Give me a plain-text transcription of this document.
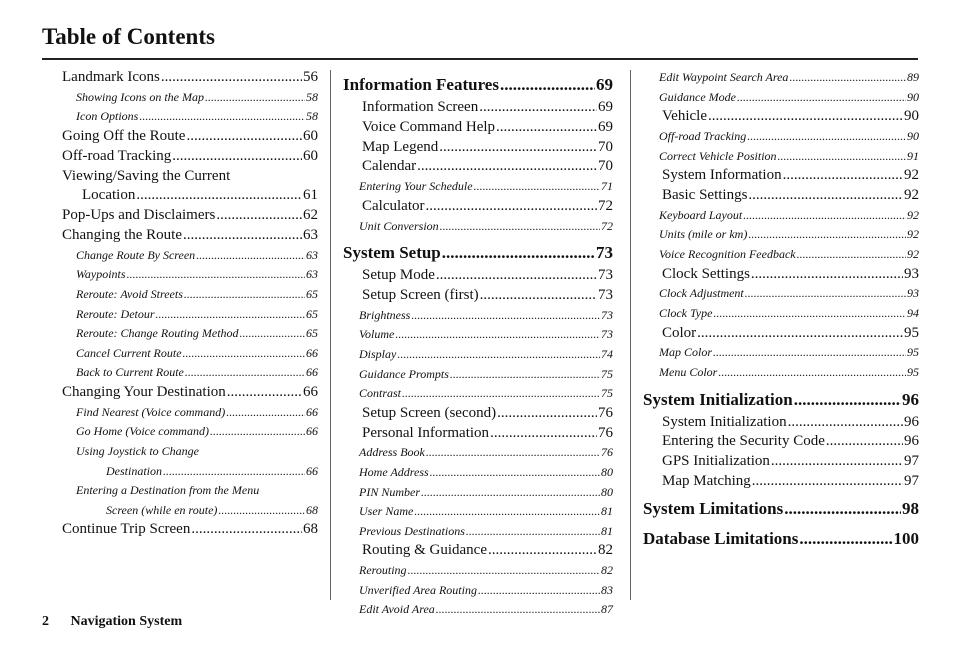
Table of Contents
Landmark Icons .....	56
Showing Icons on the Map .....	58
Icon Options .....	58
Going Off the Route .....	60
Off-road Tracking .....	60
Viewing/Saving the Current
Location .....	61
Pop-Ups and Disclaimers .....	62
Changing the Route .....	63
Change Route By Screen .....	63
Waypoints .....	63
Reroute: Avoid Streets .....	65
Reroute: Detour .....	65
Reroute: Change Routing Method .....	65
Cancel Current Route .....	66
Back to Current Route .....	66
Changing Your Destination .....	66
Find Nearest (Voice command) .....	66
Go Home (Voice command) .....	66
Using Joystick to Change
Destination .....	66
Entering a Destination from the Menu
Screen (while en route) .....	68
Continue Trip Screen .....	68
Information Features .....	69
Information Screen .....	69
Voice Command Help .....	69
Map Legend .....	70
Calendar .....	70
Entering Your Schedule .....	71
Calculator .....	72
Unit Conversion .....	72
System Setup .....	73
Setup Mode .....	73
Setup Screen (first) .....	73
Brightness .....	73
Volume .....	73
Display .....	74
Guidance Prompts .....	75
Contrast .....	75
Setup Screen (second) .....	76
Personal Information .....	76
Address Book .....	76
Home Address .....	80
PIN Number .....	80
User Name .....	81
Previous Destinations .....	81
Routing & Guidance .....	82
Rerouting .....	82
Unverified Area Routing .....	83
Edit Avoid Area .....	87
Edit Waypoint Search Area .....	89
Guidance Mode .....	90
Vehicle .....	90
Off-road Tracking .....	90
Correct Vehicle Position .....	91
System Information .....	92
Basic Settings .....	92
Keyboard Layout .....	92
Units (mile or km) .....	92
Voice Recognition Feedback .....	92
Clock Settings .....	93
Clock Adjustment .....	93
Clock Type .....	94
Color .....	95
Map Color .....	95
Menu Color .....	95
System Initialization .....	96
System Initialization .....	96
Entering the Security Code .....	96
GPS Initialization .....	97
Map Matching .....	97
System Limitations .....	98
Database Limitations .....	100
2 Navigation System
